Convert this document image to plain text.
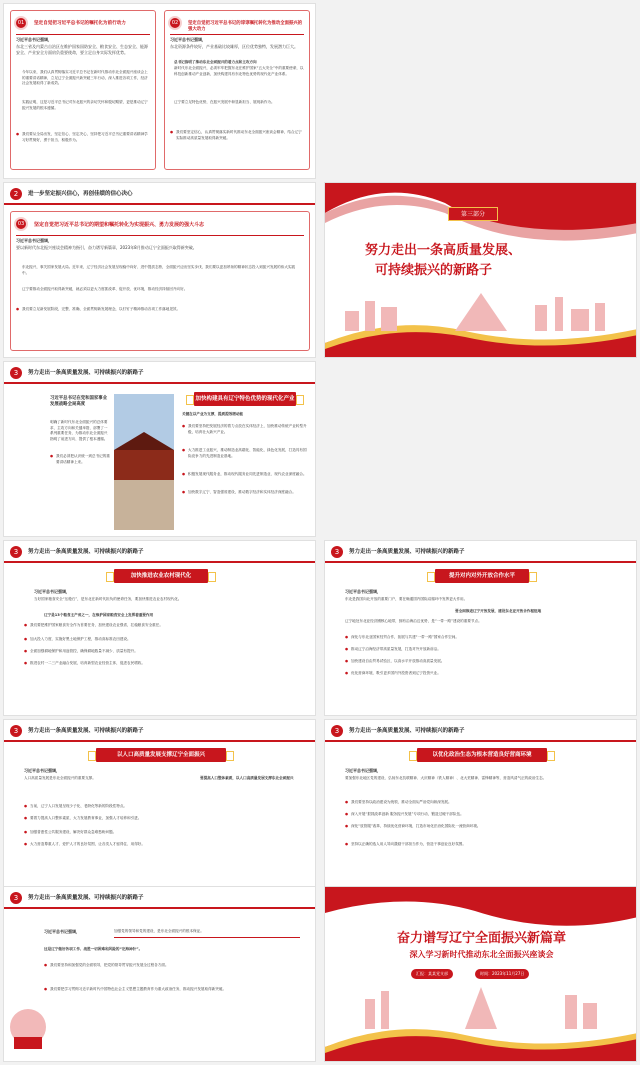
01	坚定自觉把习近平总书记的嘱托化为前行动力
习近平总书记强调，
东北三省及内蒙古自治区在维护国家国防安全、粮食安全、生态安全、能源安全、产业安全方面肩负重要使命，要立足自身实际发挥优势。
今年以来，我们认真贯彻落实习近平总书记在新时代推动东北全面振兴座谈会上的重要讲话精神，立足辽宁全面振兴新突破三年行动，深入推进各项工作，经济社会发展取得了新成效。
实践证明，这是习近平总书记对东北振兴的亲切关怀和殷切期望，更是推动辽宁振兴发展的根本遵循。
● 我们要从全局出发，坚定信心、坚定决心，坚持把习近平总书记重要讲话精神学习好贯彻好，勇于担当、积极作为。
02	坚定自觉把习近平总书记的谆谆嘱托转化为推动全面振兴的强大动力
习近平总书记强调，
东北资源条件较好，产业基础比较雄厚，区位优势独特，发展潜力巨大。
总书记指明了推动东北全面振兴的着力点和主攻方向
新时代东北全面振兴，必须牢牢把握东北在维护国家“五大安全”中的重要使命，以科技创新推动产业创新，加快构建具有东北特色优势的现代化产业体系。
辽宁要立足特色优势，在振兴发展中彰显新担当、展现新作为。
● 我们要坚定信心，认真贯彻落实新时代推动东北全面振兴座谈会精神，结合辽宁实际推动高质量发展取得新突破。
2	进一步坚定振兴信心，再创佳绩的信心决心
03	坚定自觉把习近平总书记的期望和嘱托转化为实现振兴、勇力发展的强大斗志
习近平总书记强调，
要以新时代东北振兴座谈会精神为指引，奋力谱写新篇章，2023年8月推动辽宁全面振兴取得新突破。
东北振兴，事关国家发展大局。近年来，辽宁经济社会发展呈现稳中向好、进中提质态势，全面振兴迈出坚实步伐，我们要以更加昂扬的精神状态投入到振兴发展的伟大实践中。
辽宁要推动全面振兴取得新突破，就必须以更大力度抓改革、促开放、优环境，推动经济持续回升向好。
● 我们要立足新发展阶段，完整、准确、全面贯彻新发展理念，以钉钉子精神推动各项工作落地见效。
第三部分
努力走出一条高质量发展、
可持续振兴的新路子
3	努力走出一条高质量发展、可持续振兴的新路子
习近平总书记在党和国家事业发展战略全局高度
明确了新时代东北全面振兴的总体要求、主攻方向和关键举措，部署了一系列重要任务，为推动东北全面振兴指明了前进方向、提供了根本遵循。
● 我们必须把认识统一到总书记的重要讲话精神上来。
加快构建具有辽宁特色优势的现代化产业体系
关键在以产业为支撑，提质提效增动能
● 我们要坚持把发展经济的着力点放在实体经济上，加快推动传统产业转型升级，培育壮大新兴产业。
● 大力推进工业振兴，推动制造业高端化、智能化、绿色化发展，打造具有国际竞争力的先进制造业基地。
● 积极发展现代服务业，推动现代服务业同先进制造业、现代农业深度融合。
● 加快数字辽宁、智造强省建设，推动数字经济和实体经济深度融合。
3	努力走出一条高质量发展、可持续振兴的新路子
加快推进农业农村现代化
习近平总书记强调，
当好国家粮食安全“压舱石”，是东北在新时代担负的使命任务，要加快推进农业农村现代化。
辽宁是13个粮食主产省之一，在维护国家粮食安全上发挥着重要作用
● 我们要把维护国家粮食安全作为首要任务，加快建设农业强省，扛稳粮食安全重任。
● 加大投入力度，实施好黑土地保护工程，推动高标准农田建设。
● 全面加强耕地保护和用途管控，确保耕地数量不减少、质量有提升。
● 推进农村一二三产业融合发展，培育新型农业经营主体，促进农民增收。
3	努力走出一条高质量发展、可持续振兴的新路子
提升对内对外开放合作水平
习近平总书记强调，
东北是我国向北开放的重要门户，要在畅通国内国际双循环中发挥更大作用。
要全面推进辽宁开放发展，建设东北亚开放合作枢纽地
辽宁地处东北亚经济圈核心地带，拥有沿海沿边优势，是“一带一路”建设的重要节点。
● 深化与东北亚国家经贸合作，拓展与共建“一带一路”国家合作空间。
● 推动辽宁沿海经济带高质量发展，打造对外开放新前沿。
● 加快建设自由贸易试验区，以高水平开放推动高质量发展。
● 优化营商环境，吸引更多国内外投资者到辽宁投资兴业。
3	努力走出一条高质量发展、可持续振兴的新路子
以人口高质量发展支撑辽宁全面振兴
习近平总书记强调，
人口高质量发展是东北全面振兴的重要支撑。	要提高人口整体素质，以人口高质量发展支撑东北全面振兴
● 当前，辽宁人口发展呈现少子化、老龄化等新的阶段性特点。
● 要着力提高人口整体素质，大力发展教育事业，加强人才培养和引进。
● 加强普惠性公共服务建设，解决好群众急难愁盼问题。
● 大力营造尊重人才、爱护人才的良好氛围，让各类人才留得住、用得好。
3	努力走出一条高质量发展、可持续振兴的新路子
以优化政治生态为根本营造良好营商环境
习近平总书记强调，
要加强东北地区党的建设，弘扬东北抗联精神、大庆精神（铁人精神）、北大荒精神、雷锋精神等，营造风清气正的政治生态。
● 我们要坚持以政治建设为统领，推动全面从严治党向纵深发展。
● 深入开展“狠抓改革创新 服务振兴发展”专项行动，锻造过硬干部队伍。
● 深化“放管服”改革，持续优化营商环境，打造市场化法治化国际化一流营商环境。
● 坚持以正确的选人用人导向激励干部担当作为，营造干事创业良好氛围。
3	努力走出一条高质量发展、可持续振兴的新路子
习近平总书记强调，	加强党的领导和党的建设，是东北全面振兴的根本保证。
这是辽宁做好各项工作、战胜一切困难和风险的“定海神针”。
● 我们要坚持和加强党的全面领导，把党的领导贯穿振兴发展全过程各方面。
● 我们要把学习贯彻习近平新时代中国特色社会主义思想主题教育作为重大政治任务，推动振兴发展取得新突破。
奋力谱写辽宁全面振兴新篇章
深入学习新时代推动东北全面振兴座谈会
汇报：某某党支部	时间：2023年11月27日
